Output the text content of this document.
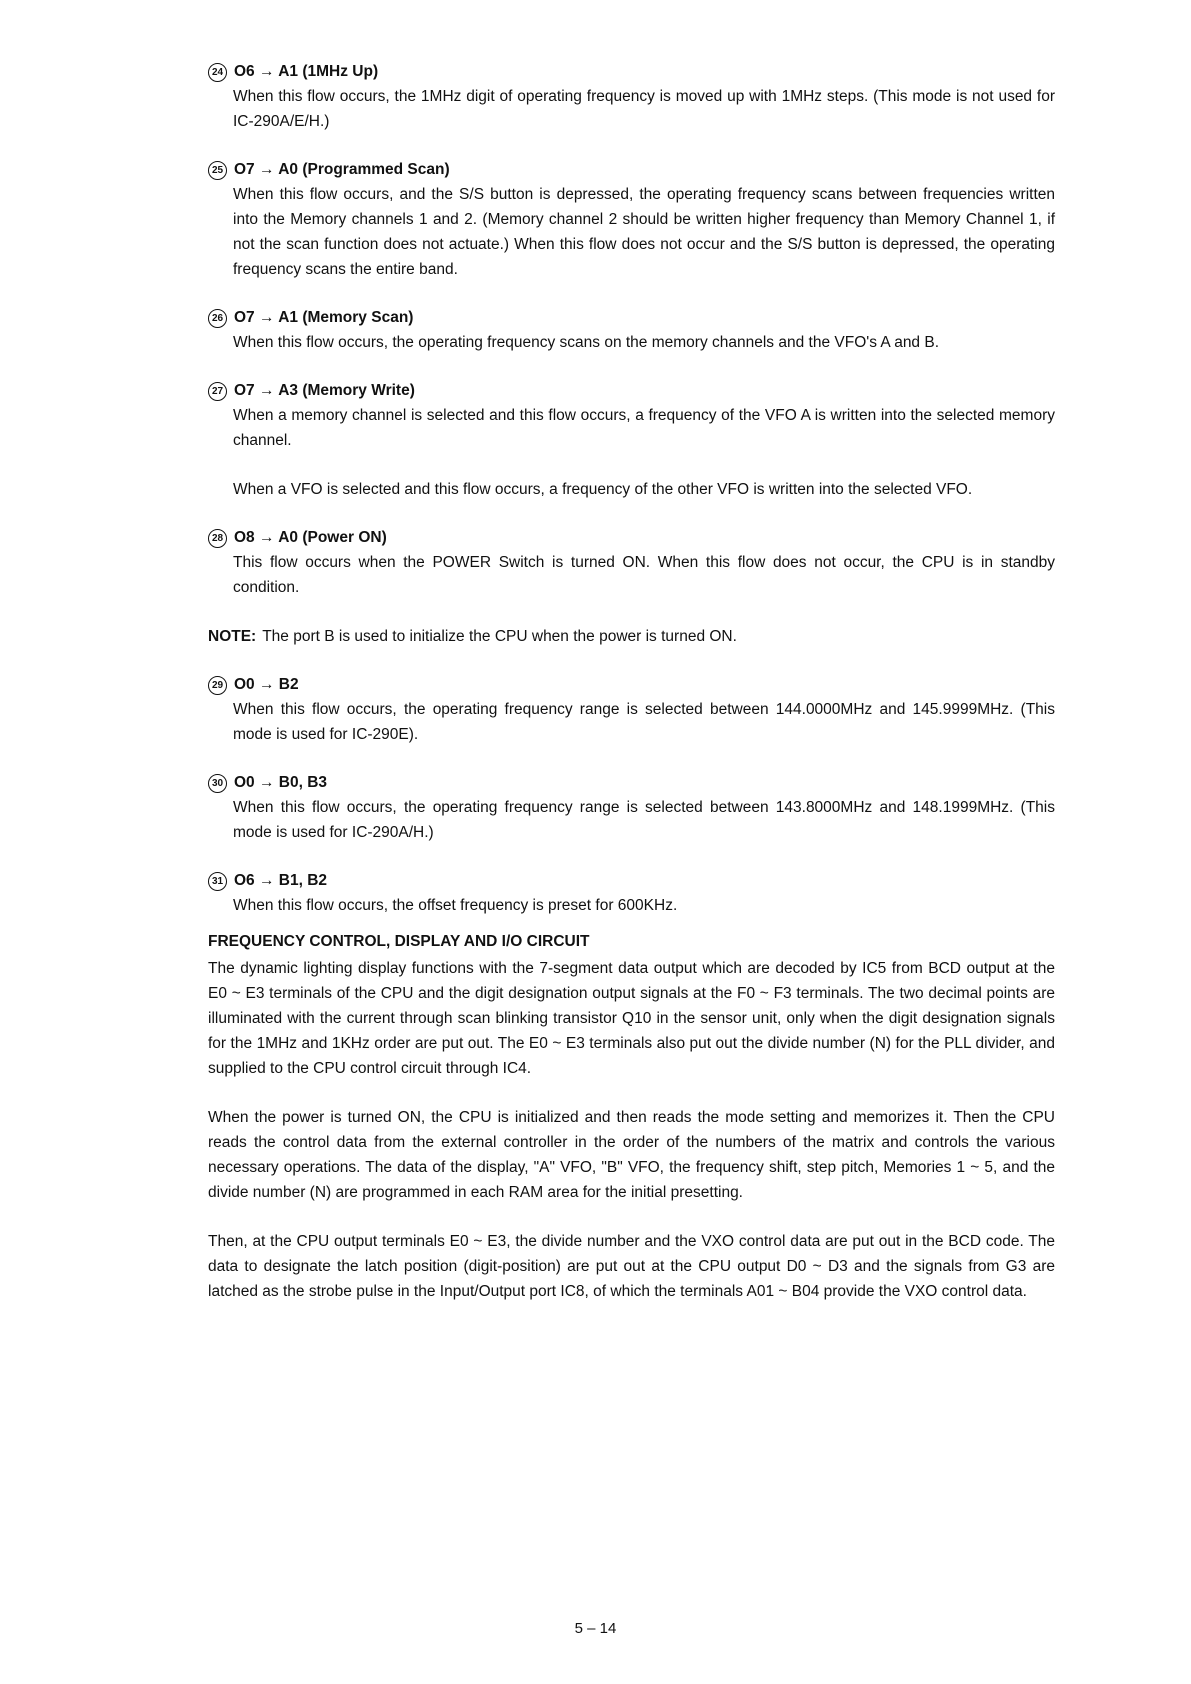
24 O6 → A1 (1MHz Up)

When this flow occurs, the 1MHz digit of operating frequency is moved up with 1MHz steps. (This mode is not used for IC-290A/E/H.)

25 O7 → A0 (Programmed Scan)

When this flow occurs, and the S/S button is depressed, the operating frequency scans between frequencies written into the Memory channels 1 and 2. (Memory channel 2 should be written higher frequency than Memory Channel 1, if not the scan function does not actuate.) When this flow does not occur and the S/S button is depressed, the operating frequency scans the entire band.

26 O7 → A1 (Memory Scan)

When this flow occurs, the operating frequency scans on the memory channels and the VFO's A and B.

27 O7 → A3 (Memory Write)

When a memory channel is selected and this flow occurs, a frequency of the VFO A is written into the selected memory channel.

When a VFO is selected and this flow occurs, a frequency of the other VFO is written into the selected VFO.

28 O8 → A0 (Power ON)

This flow occurs when the POWER Switch is turned ON. When this flow does not occur, the CPU is in standby condition.

NOTE: The port B is used to initialize the CPU when the power is turned ON.
29 O0 → B2

When this flow occurs, the operating frequency range is selected between 144.0000MHz and 145.9999MHz. (This mode is used for IC-290E).

30 O0 → B0, B3

When this flow occurs, the operating frequency range is selected between 143.8000MHz and 148.1999MHz. (This mode is used for IC-290A/H.)

31 O6 → B1, B2

When this flow occurs, the offset frequency is preset for 600KHz.

FREQUENCY CONTROL, DISPLAY AND I/O CIRCUIT

The dynamic lighting display functions with the 7-segment data output which are decoded by IC5 from BCD output at the E0 ~ E3 terminals of the CPU and the digit designation output signals at the F0 ~ F3 terminals. The two decimal points are illuminated with the current through scan blinking transistor Q10 in the sensor unit, only when the digit designation signals for the 1MHz and 1KHz order are put out. The E0 ~ E3 terminals also put out the divide number (N) for the PLL divider, and supplied to the CPU control circuit through IC4.

When the power is turned ON, the CPU is initialized and then reads the mode setting and memorizes it. Then the CPU reads the control data from the external controller in the order of the numbers of the matrix and controls the various necessary operations. The data of the display, "A" VFO, "B" VFO, the frequency shift, step pitch, Memories 1 ~ 5, and the divide number (N) are programmed in each RAM area for the initial presetting.

Then, at the CPU output terminals E0 ~ E3, the divide number and the VXO control data are put out in the BCD code. The data to designate the latch position (digit-position) are put out at the CPU output D0 ~ D3 and the signals from G3 are latched as the strobe pulse in the Input/Output port IC8, of which the terminals A01 ~ B04 provide the VXO control data.

5 – 14
